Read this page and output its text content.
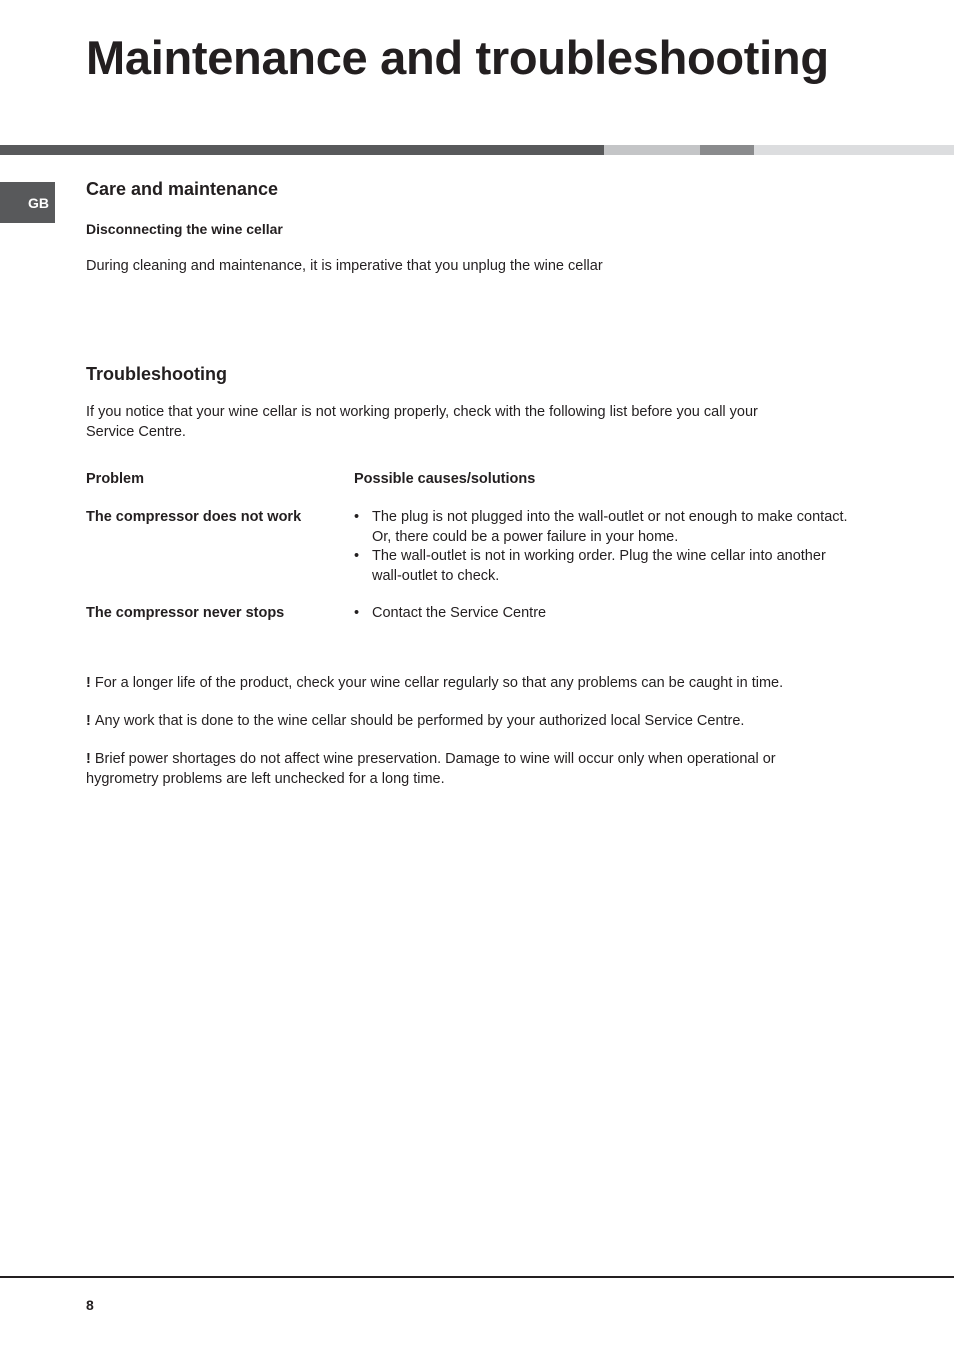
Maintenance and troubleshooting
GB
Care and maintenance
Disconnecting the wine cellar

During cleaning and maintenance, it is imperative that you unplug the wine cellar

Troubleshooting

If you notice that your wine cellar is not working properly, check with the following list before you call your
Service Centre.

Problem	Possible causes/solutions
The compressor does not work	• The plug is not plugged into the wall-outlet or not enough to make contact.
Or, there could be a power failure in your home.
• The wall-outlet is not in working order. Plug the wine cellar into another
wall-outlet to check.
The compressor never stops	• Contact the Service Centre

! For a longer life of the product, check your wine cellar regularly so that any problems can be caught in time.

! Any work that is done to the wine cellar should be performed by your authorized local Service Centre.

! Brief power shortages do not affect wine preservation. Damage to wine will occur only when operational or hygrometry problems are left unchecked for a long time.

8
